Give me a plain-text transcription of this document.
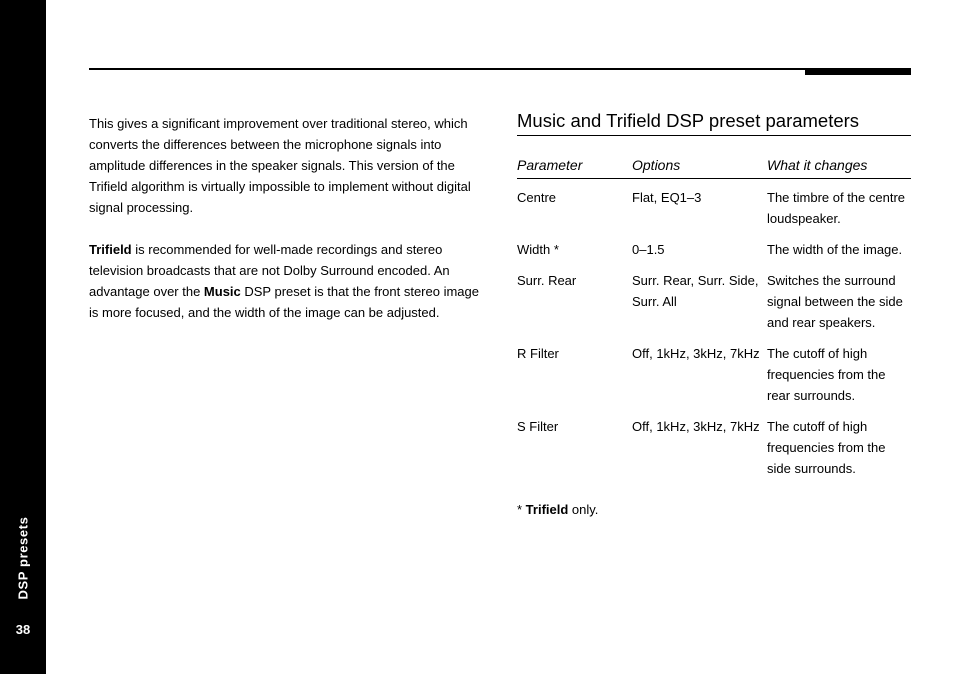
DSP presets
38

This gives a significant improvement over traditional stereo, which converts the differences between the microphone signals into amplitude differences in the speaker signals. This version of the Trifield algorithm is virtually impossible to implement without digital signal processing.

Trifield is recommended for well-made recordings and stereo television broadcasts that are not Dolby Surround encoded. An advantage over the Music DSP preset is that the front stereo image is more focused, and the width of the image can be adjusted.

Music and Trifield DSP preset parameters
Parameter	Options	What it changes
Centre	Flat, EQ1–3	The timbre of the centre loudspeaker.
Width *	0–1.5	The width of the image.
Surr. Rear	Surr. Rear, Surr. Side, Surr. All	Switches the surround signal between the side and rear speakers.
R Filter	Off, 1kHz, 3kHz, 7kHz	The cutoff of high frequencies from the rear surrounds.
S Filter	Off, 1kHz, 3kHz, 7kHz	The cutoff of high frequencies from the side surrounds.

* Trifield only.
